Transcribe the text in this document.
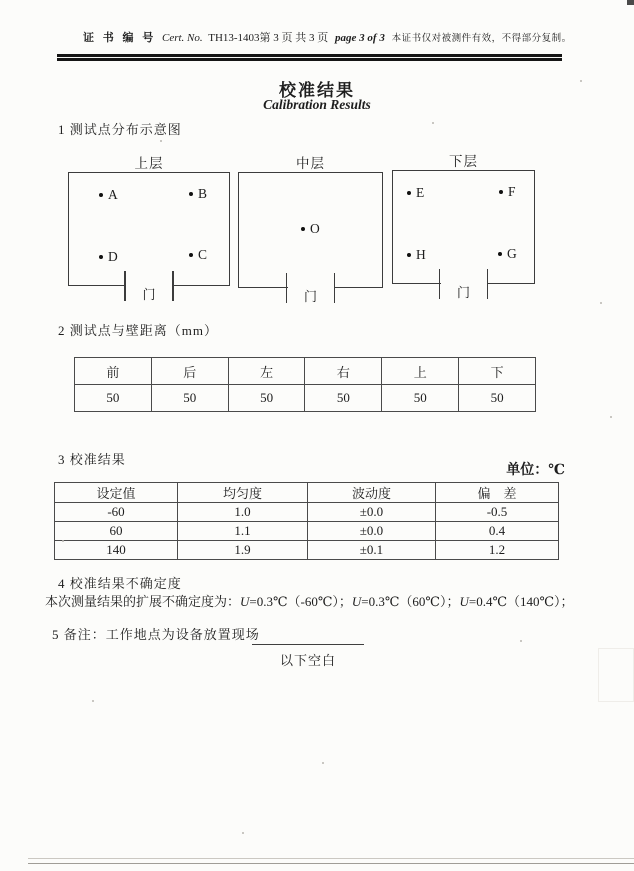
证 书 编 号 Cert. No. TH13-1403第 3 页 共 3 页 page 3 of 3 本证书仅对被测件有效，不得部分复制。
校准结果
Calibration Results
1 测试点分布示意图
上层
A	B
D	C
门
中层
O
门
下层
E	F
H	G
门
2 测试点与壁距离（mm）
前	后	左	右	上	下
50	50	50	50	50	50
3 校准结果
单位：℃
设定值	均匀度	波动度	偏　差
-60	1.0	±0.0	-0.5
60	1.1	±0.0	0.4
140	1.9	±0.1	1.2
4 校准结果不确定度
本次测量结果的扩展不确定度为：U=0.3℃（-60℃）；U=0.3℃（60℃）；U=0.4℃（140℃）；
5 备注：工作地点为设备放置现场
以下空白
